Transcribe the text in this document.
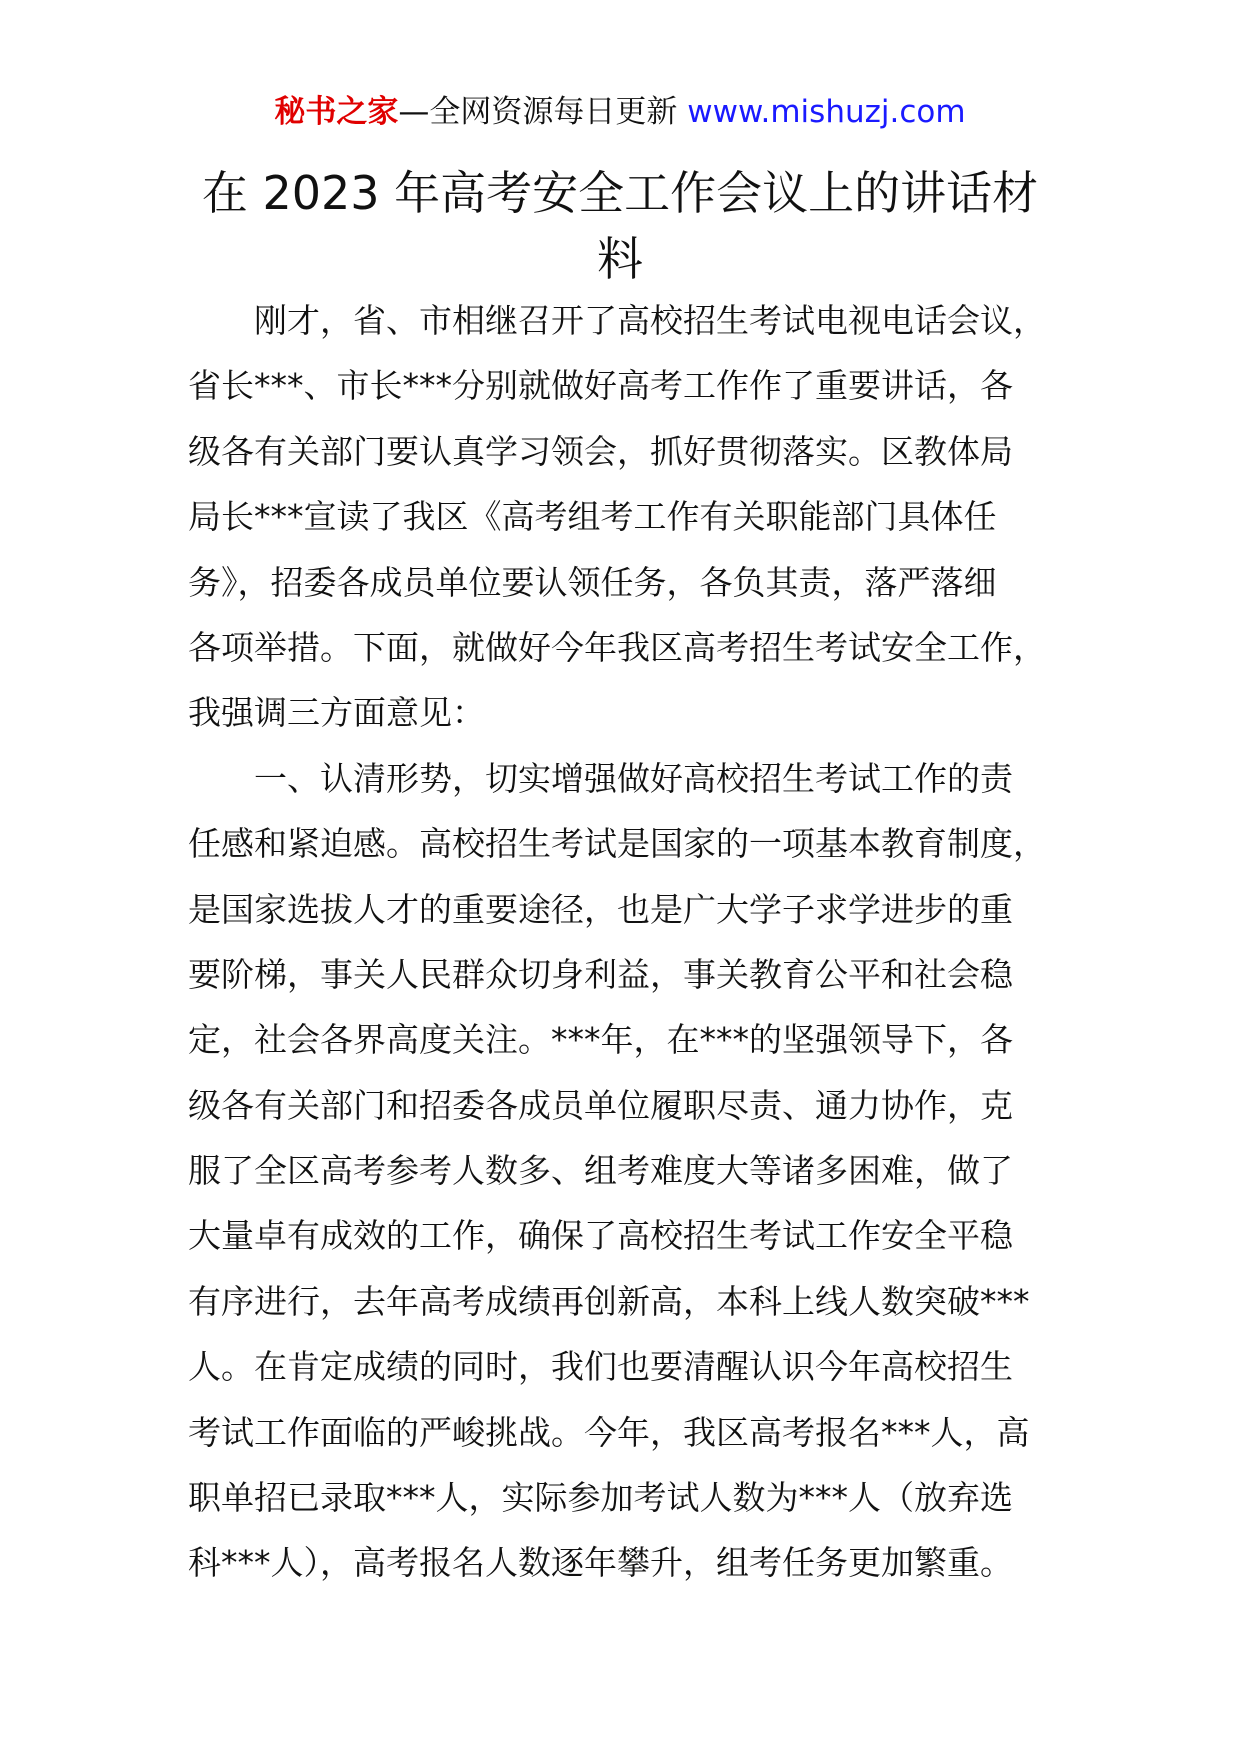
秘书之家—全网资源每日更新 www.mishuzj.com
在 2023 年高考安全工作会议上的讲话材
料
刚才，省、市相继召开了高校招生考试电视电话会议，
省长***、市长***分别就做好高考工作作了重要讲话，各
级各有关部门要认真学习领会，抓好贯彻落实。区教体局
局长***宣读了我区《高考组考工作有关职能部门具体任
务》，招委各成员单位要认领任务，各负其责，落严落细
各项举措。下面，就做好今年我区高考招生考试安全工作，
我强调三方面意见：
一、认清形势，切实增强做好高校招生考试工作的责
任感和紧迫感。高校招生考试是国家的一项基本教育制度，
是国家选拔人才的重要途径，也是广大学子求学进步的重
要阶梯，事关人民群众切身利益，事关教育公平和社会稳
定，社会各界高度关注。***年，在***的坚强领导下，各
级各有关部门和招委各成员单位履职尽责、通力协作，克
服了全区高考参考人数多、组考难度大等诸多困难，做了
大量卓有成效的工作，确保了高校招生考试工作安全平稳
有序进行，去年高考成绩再创新高，本科上线人数突破***
人。在肯定成绩的同时，我们也要清醒认识今年高校招生
考试工作面临的严峻挑战。今年，我区高考报名***人，高
职单招已录取***人，实际参加考试人数为***人（放弃选
科***人），高考报名人数逐年攀升，组考任务更加繁重。
